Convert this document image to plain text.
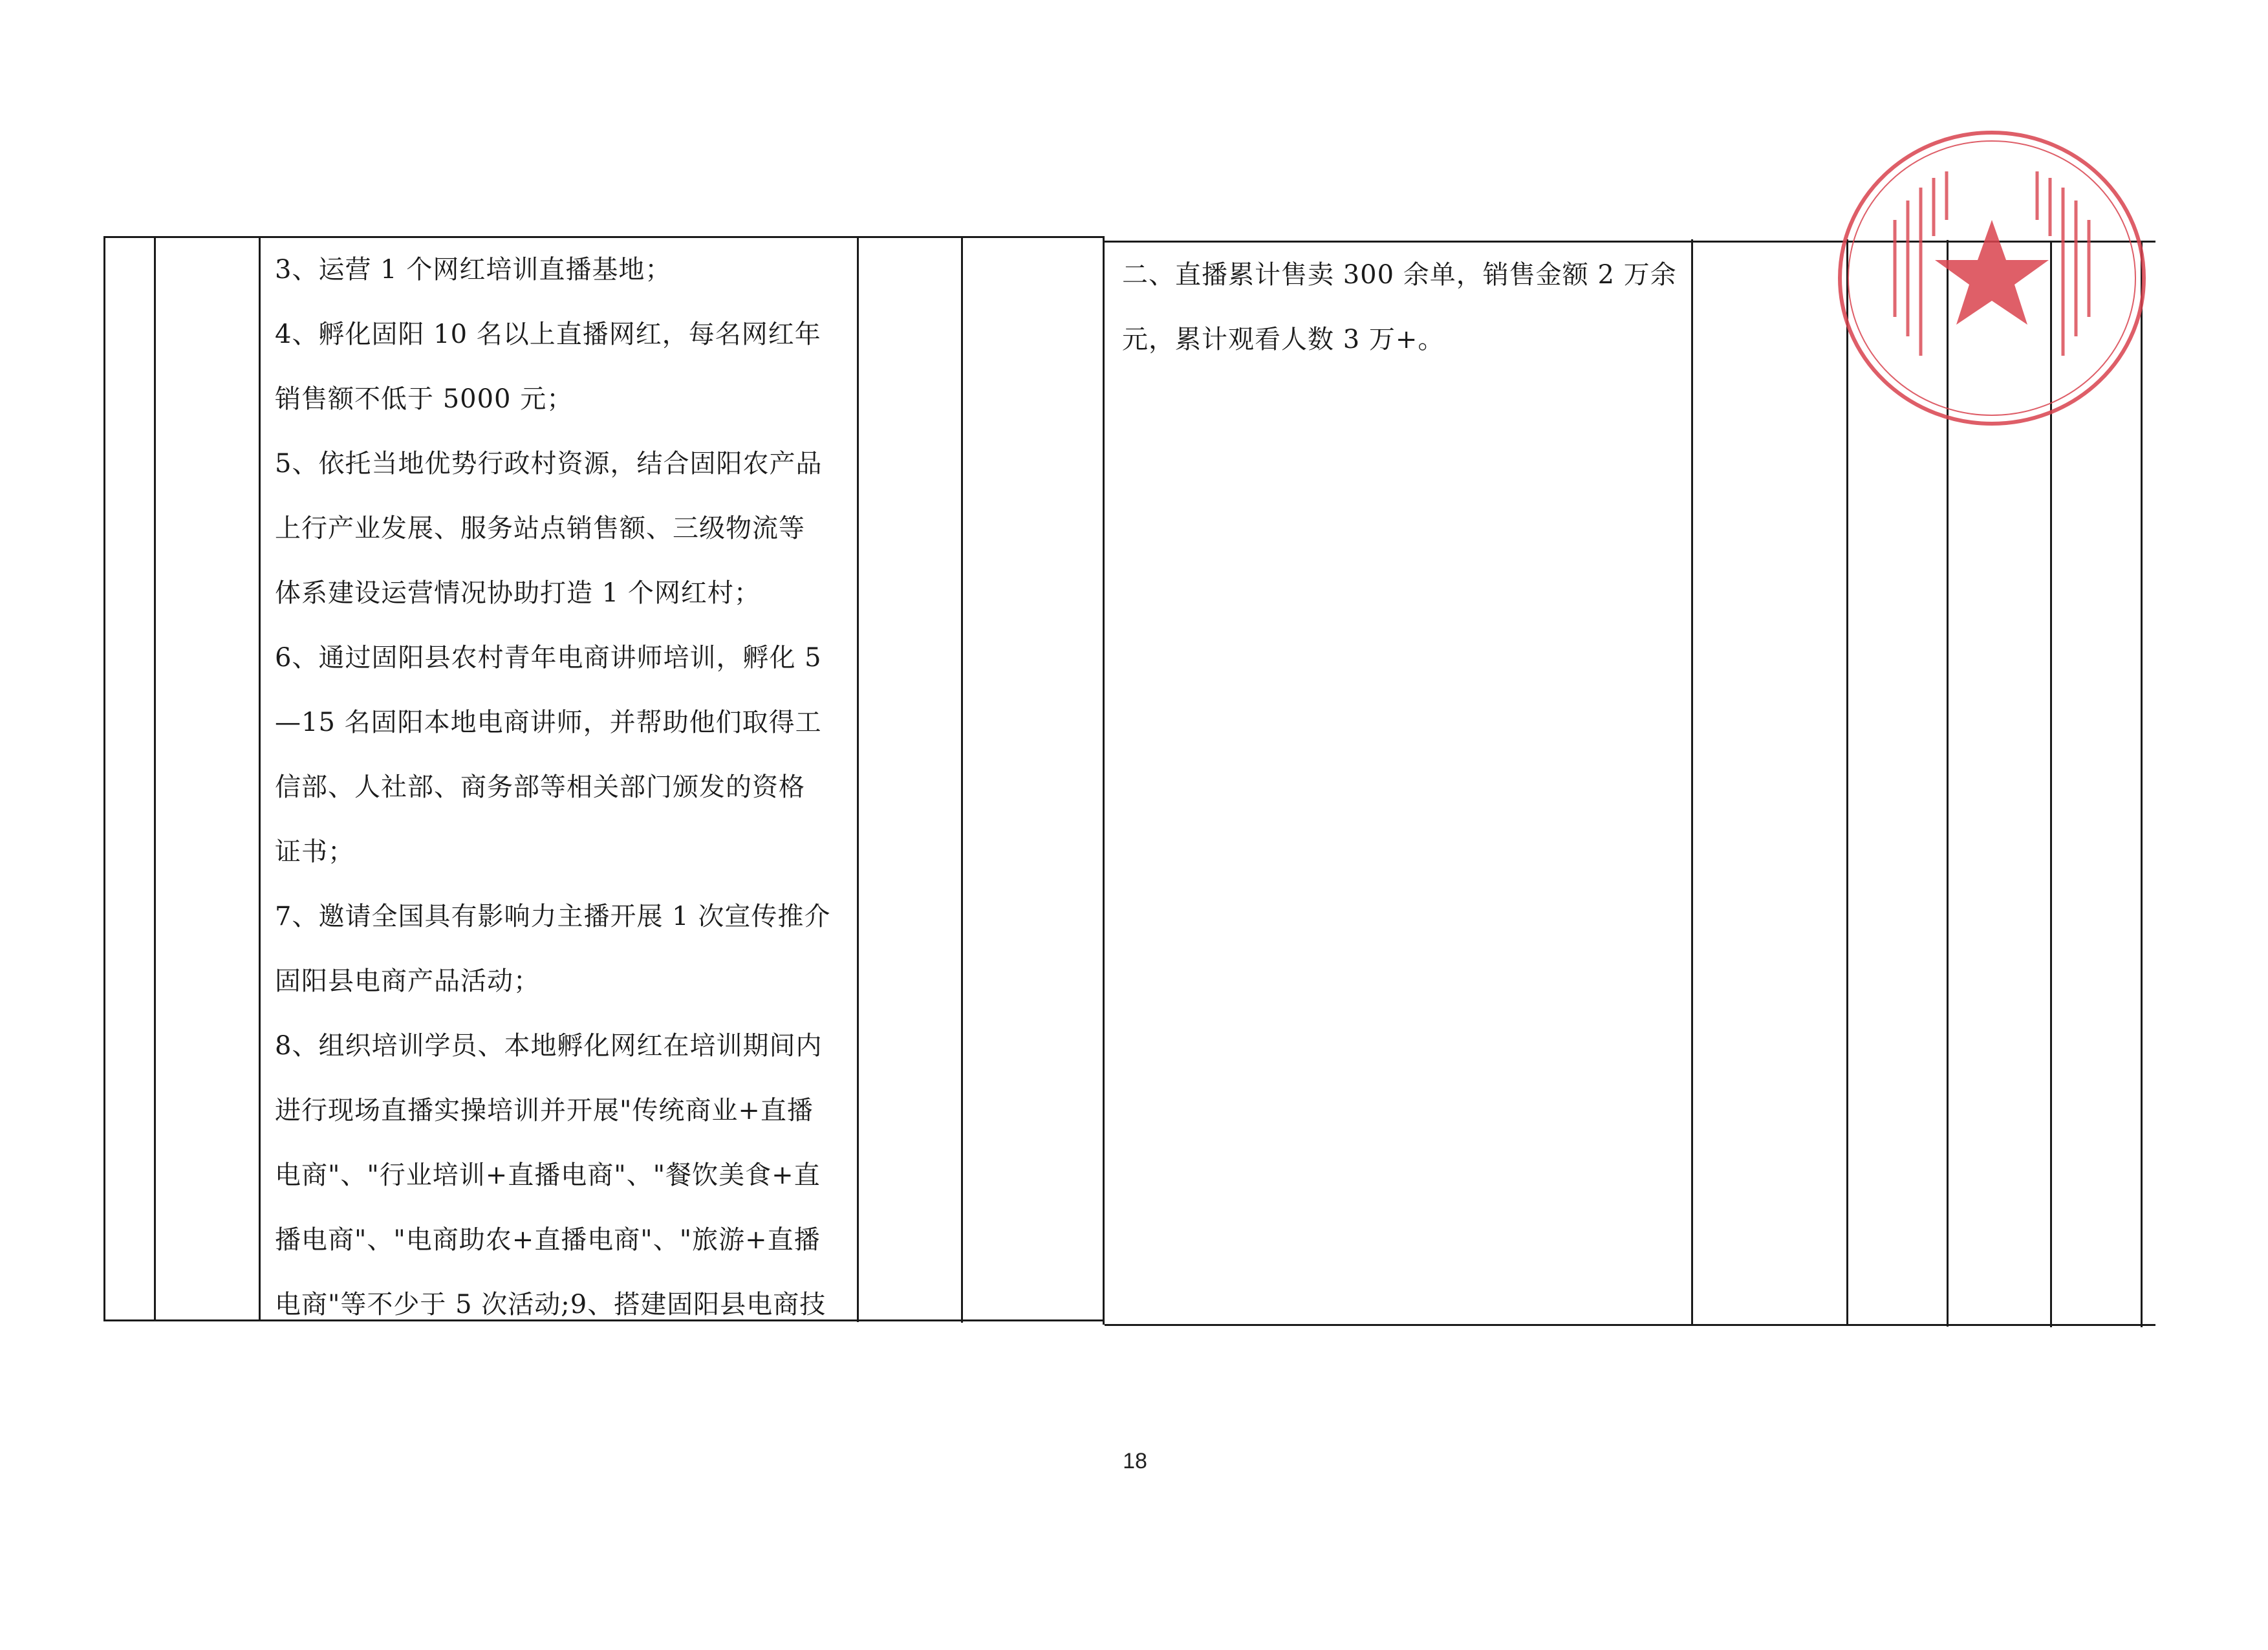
3、运营 1 个网红培训直播基地；
4、孵化固阳 10 名以上直播网红，每名网红年
销售额不低于 5000 元；
5、依托当地优势行政村资源，结合固阳农产品
上行产业发展、服务站点销售额、三级物流等
体系建设运营情况协助打造 1 个网红村；
6、通过固阳县农村青年电商讲师培训，孵化 5
—15 名固阳本地电商讲师，并帮助他们取得工
信部、人社部、商务部等相关部门颁发的资格
证书；
7、邀请全国具有影响力主播开展 1 次宣传推介
固阳县电商产品活动；
8、组织培训学员、本地孵化网红在培训期间内
进行现场直播实操培训并开展"传统商业+直播
电商"、"行业培训+直播电商"、"餐饮美食+直
播电商"、"电商助农+直播电商"、"旅游+直播
电商"等不少于 5 次活动;9、搭建固阳县电商技
二、直播累计售卖 300 余单，销售金额 2 万余
元，累计观看人数 3 万+。
18
